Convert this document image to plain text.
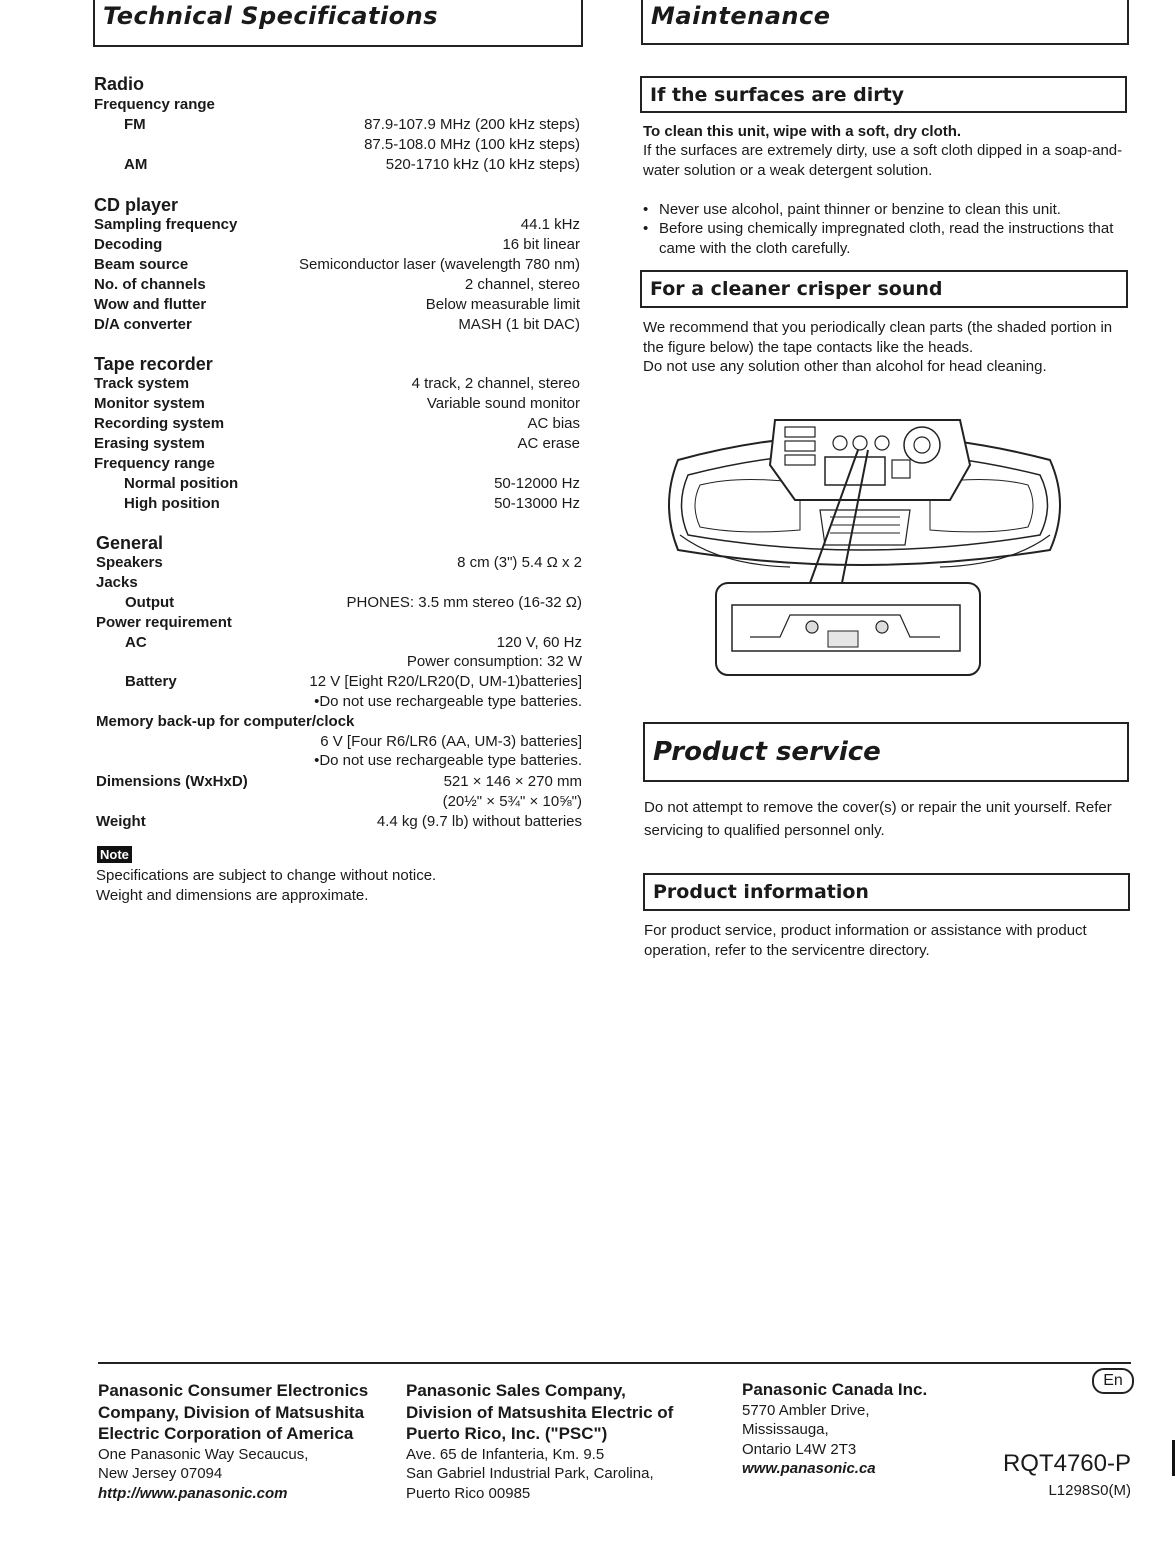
Technical Specifications
Radio
Frequency range
FM	87.9-107.9 MHz (200 kHz steps)
87.5-108.0 MHz (100 kHz steps)
AM	520-1710 kHz (10 kHz steps)
CD player
Sampling frequency	44.1 kHz
Decoding	16 bit linear
Beam source	Semiconductor laser (wavelength 780 nm)
No. of channels	2 channel, stereo
Wow and flutter	Below measurable limit
D/A converter	MASH (1 bit DAC)
Tape recorder
Track system	4 track, 2 channel, stereo
Monitor system	Variable sound monitor
Recording system	AC bias
Erasing system	AC erase
Frequency range
Normal position	50-12000 Hz
High position	50-13000 Hz
General
Speakers	8 cm (3") 5.4 Ω x 2
Jacks
Output	PHONES: 3.5 mm stereo (16-32 Ω)
Power requirement
AC	120 V, 60 Hz
Power consumption: 32 W
Battery	12 V [Eight R20/LR20(D, UM-1)batteries]
•Do not use rechargeable type batteries.
Memory back-up for computer/clock
6 V [Four R6/LR6 (AA, UM-3) batteries]
•Do not use rechargeable type batteries.
Dimensions (WxHxD)	521 × 146 × 270 mm
(20½" × 5¾" × 10⅝")
Weight	4.4 kg (9.7 lb) without batteries
Note
Specifications are subject to change without notice.
Weight and dimensions are approximate.
Maintenance
If the surfaces are dirty
To clean this unit, wipe with a soft, dry cloth.
If the surfaces are extremely dirty, use a soft cloth dipped in a soap-and-water solution or a weak detergent solution.
• Never use alcohol, paint thinner or benzine to clean this unit.
• Before using chemically impregnated cloth, read the instructions that came with the cloth carefully.
For a cleaner crisper sound
We recommend that you periodically clean parts (the shaded portion in the figure below) the tape contacts like the heads.
Do not use any solution other than alcohol for head cleaning.
Product service
Do not attempt to remove the cover(s) or repair the unit yourself. Refer servicing to qualified personnel only.
Product information
For product service, product information or assistance with product operation, refer to the servicentre directory.
Panasonic Consumer Electronics
Company, Division of Matsushita
Electric Corporation of America
One Panasonic Way Secaucus,
New Jersey 07094
http://www.panasonic.com
Panasonic Sales Company,
Division of Matsushita Electric of
Puerto Rico, Inc. ("PSC")
Ave. 65 de Infanteria, Km. 9.5
San Gabriel Industrial Park, Carolina,
Puerto Rico 00985
Panasonic Canada Inc.
5770 Ambler Drive,
Mississauga,
Ontario L4W 2T3
www.panasonic.ca
En
RQT4760-P
L1298S0(M)
